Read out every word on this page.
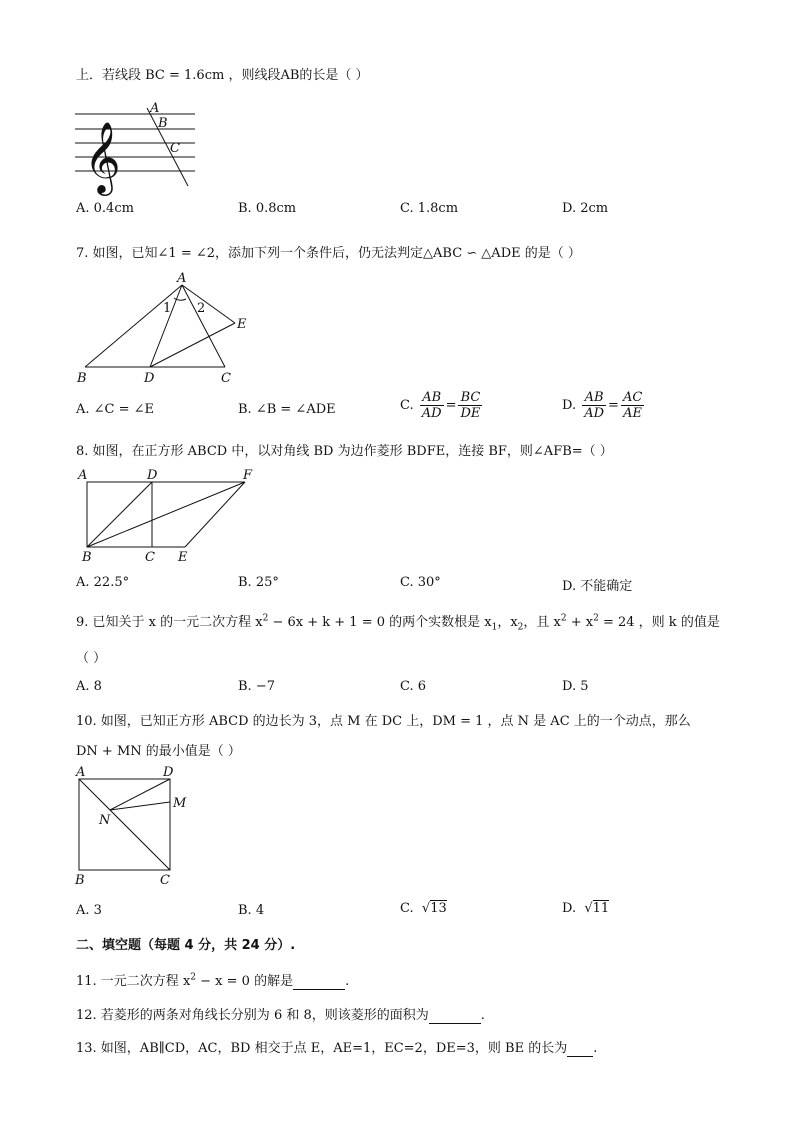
上．若线段 BC = 1.6cm ，则线段AB的长是（ ）
𝄞
A
B
C
A. 0.4cm	B. 0.8cm	C. 1.8cm	D. 2cm
7. 如图，已知∠1 = ∠2，添加下列一个条件后，仍无法判定△ABC ∽ △ADE 的是（ ）
A
E
B	D	C
1 2
A. ∠C = ∠E	B. ∠B = ∠ADE	C. $\frac{AB}{AD} = \frac{BC}{DE}$	D. $\frac{AB}{AD} = \frac{AC}{AE}$
8. 如图，在正方形 ABCD 中，以对角线 BD 为边作菱形 BDFE，连接 BF，则∠AFB=（ ）
A	D	F
B	C E
A. 22.5°	B. 25°	C. 30°	D. 不能确定
9. 已知关于 x 的一元二次方程 $x^2 - 6x + k + 1 = 0$ 的两个实数根是 $x_1$，$x_2$，且 $x^2 + x^2 = 24$ ，则 k 的值是
（ ）
A. 8	B. −7	C. 6	D. 5
10. 如图，已知正方形 ABCD 的边长为 3，点 M 在 DC 上，DM = 1 ，点 N 是 AC 上的一个动点，那么
DN + MN 的最小值是（ ）
A	D
M
N
B	C
A. 3	B. 4	C. √13	D. √11
二、填空题（每题 4 分，共 24 分）.
11. 一元二次方程 $x^2 - x = 0$ 的解是	.
12. 若菱形的两条对角线长分别为 6 和 8，则该菱形的面积为	.
13. 如图，AB∥CD，AC，BD 相交于点 E，AE=1，EC=2，DE=3，则 BE 的长为 .
